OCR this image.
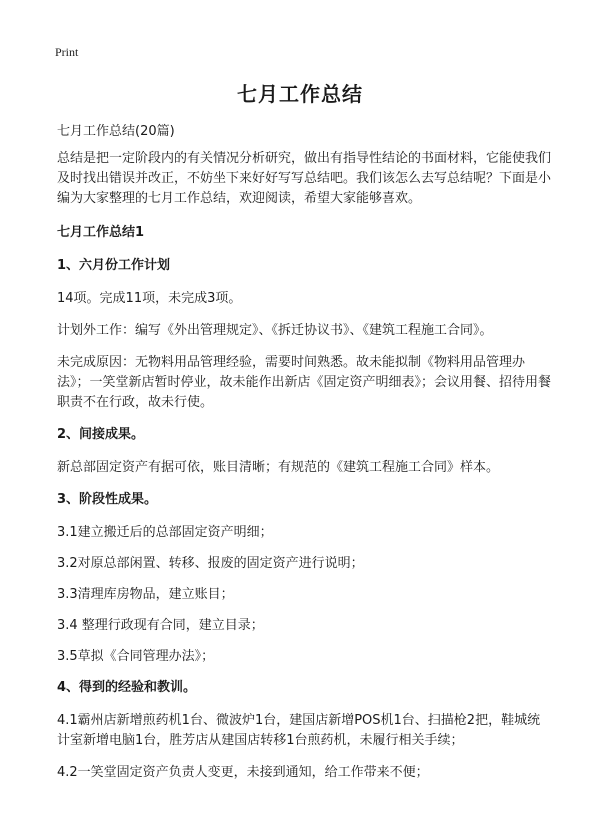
Print
七月工作总结

七月工作总结(20篇)

总结是把一定阶段内的有关情况分析研究，做出有指导性结论的书面材料，它能使我们及时找出错误并改正，不妨坐下来好好写写总结吧。我们该怎么去写总结呢？下面是小编为大家整理的七月工作总结，欢迎阅读，希望大家能够喜欢。

七月工作总结1

1、六月份工作计划

14项。完成11项，未完成3项。

计划外工作：编写《外出管理规定》、《拆迁协议书》、《建筑工程施工合同》。

未完成原因：无物料用品管理经验，需要时间熟悉。故未能拟制《物料用品管理办法》；一笑堂新店暂时停业，故未能作出新店《固定资产明细表》；会议用餐、招待用餐职责不在行政，故未行使。

2、间接成果。

新总部固定资产有据可依，账目清晰；有规范的《建筑工程施工合同》样本。

3、阶段性成果。

3.1建立搬迁后的总部固定资产明细；

3.2对原总部闲置、转移、报废的固定资产进行说明；

3.3清理库房物品，建立账目；

3.4 整理行政现有合同，建立目录；

3.5草拟《合同管理办法》；

4、得到的经验和教训。

4.1霸州店新增煎药机1台、微波炉1台，建国店新增POS机1台、扫描枪2把，鞋城统计室新增电脑1台，胜芳店从建国店转移1台煎药机，未履行相关手续；

4.2一笑堂固定资产负责人变更，未接到通知，给工作带来不便；
